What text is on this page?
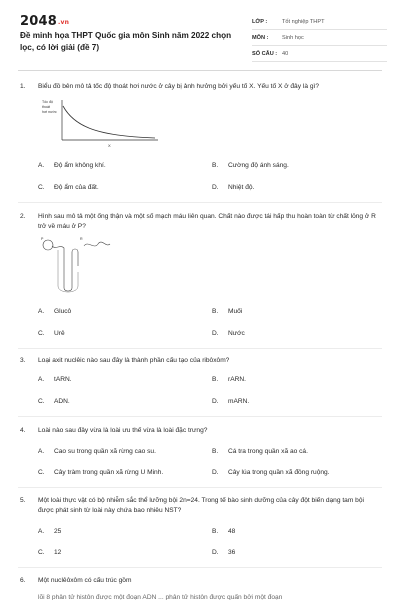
2048.vn
Đề minh họa THPT Quốc gia môn Sinh năm 2022 chọn lọc, có lời giải (đề 7)
LỚP :	Tốt nghiệp THPT
MÔN :	Sinh học
SỐ CÂU : 40
1.	Biểu đồ bên mô tả tốc độ thoát hơi nước ở cây bị ảnh hưởng bởi yếu tố X. Yếu tố X ở đây là gì?
Tốc độ
thoát
hơi nước
X
A. Độ ẩm không khí.	B. Cường độ ánh sáng.
C. Độ ẩm của đất.	D. Nhiệt độ.
2.	Hình sau mô tả một ống thận và một số mạch máu liên quan. Chất nào được tái hấp thu hoàn toàn từ chất lỏng ở R trở về máu ở P?
P	R
A. Glucô	B. Muối
C. Urê	D. Nước
3.	Loại axit nuclêic nào sau đây là thành phần cấu tạo của ribôxôm?
A. tARN.	B. rARN.
C. ADN.	D. mARN.
4.	Loài nào sau đây vừa là loài ưu thế vừa là loài đặc trưng?
A. Cao su trong quần xã rừng cao su.	B. Cá tra trong quần xã ao cá.
C. Cây tràm trong quần xã rừng U Minh.	D. Cây lúa trong quần xã đồng ruộng.
5.	Một loài thực vật có bộ nhiễm sắc thể lưỡng bội 2n=24. Trong tế bào sinh dưỡng của cây đột biến dạng tam bội được phát sinh từ loài này chứa bao nhiêu NST?
A. 25	B. 48
C. 12	D. 36
6.	Một nuclêôxôm có cấu trúc gồm
lõi 8 phân tử histôn được một đoạn ADN ... phân tử histôn được quấn bởi một đoạn
